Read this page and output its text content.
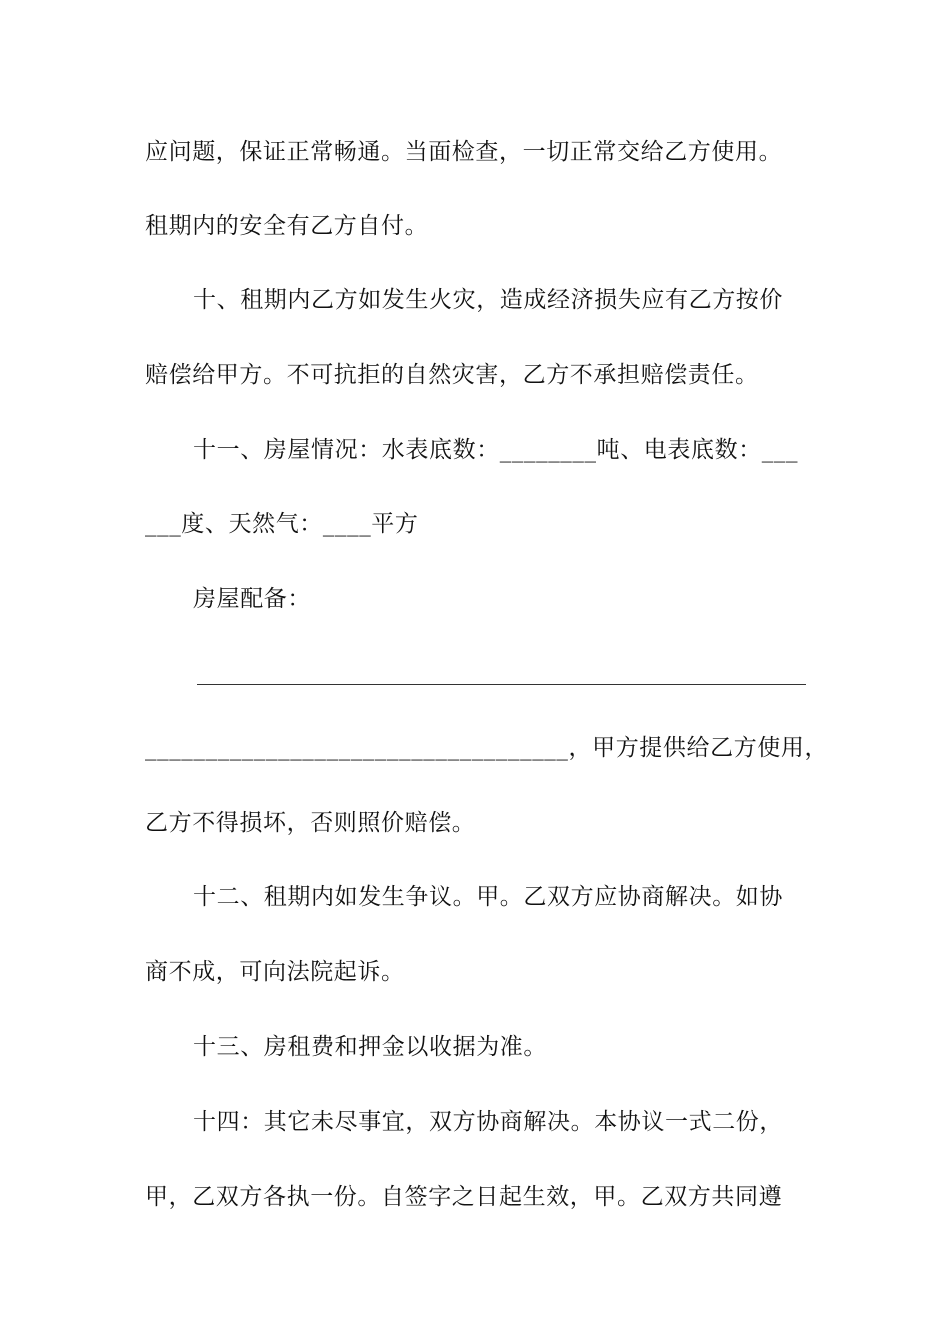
应问题，保证正常畅通。当面检查，一切正常交给乙方使用。
租期内的安全有乙方自付。
十、租期内乙方如发生火灾，造成经济损失应有乙方按价
赔偿给甲方。不可抗拒的自然灾害，乙方不承担赔偿责任。
十一、房屋情况：水表底数：________吨、电表底数：___
___度、天然气：____平方
房屋配备：
___________________________________，甲方提供给乙方使用，
乙方不得损坏，否则照价赔偿。
十二、租期内如发生争议。甲。乙双方应协商解决。如协
商不成，可向法院起诉。
十三、房租费和押金以收据为准。
十四：其它未尽事宜，双方协商解决。本协议一式二份，
甲，乙双方各执一份。自签字之日起生效，甲。乙双方共同遵
